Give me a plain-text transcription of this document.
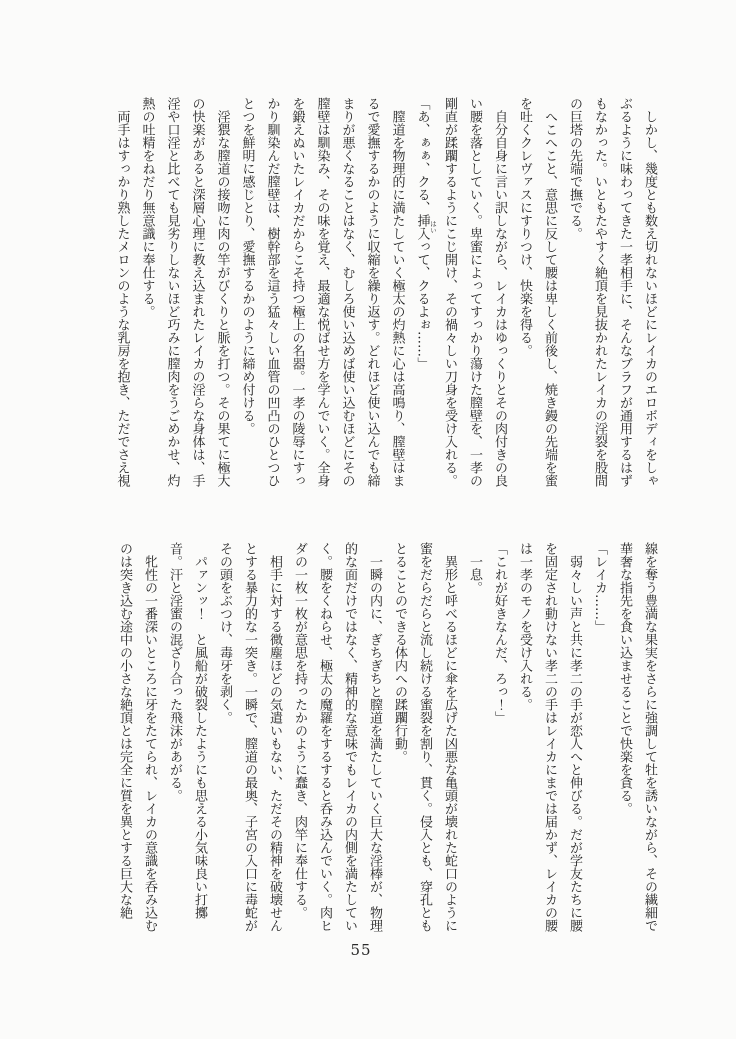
しかし、幾度とも数え切れないほどにレイカのエロボディをしゃぶるように味わってきた一孝相手に、そんなブラフが通用するはずもなかった。いともたやすく絶頂を見抜かれたレイカの淫裂を股間の巨塔の先端で撫でる。

へこへこと、意思に反して腰は卑しく前後し、焼き鏝の先端を蜜を吐くクレヴァスにすりつけ、快楽を得る。

自分自身に言い訳しながら、レイカはゆっくりとその肉付きの良い腰を落としていく。卑蜜によってすっかり蕩けた膣壁を、一孝の剛直が蹂躙するようにこじ開け、その禍々しい刀身を受け入れる。

「あ、ぁぁ、クる、挿入 はいって、クるよぉ……」

膣道を物理的に満たしていく極太の灼熱に心は高鳴り、膣壁はまるで愛撫するかのように収縮を繰り返す。どれほど使い込んでも締まりが悪くなることはなく、むしろ使い込めば使い込むほどにその膣壁は馴染み、その味を覚え、最適な悦ばせ方を学んでいく。全身を鍛えぬいたレイカだからこそ持つ極上の名器。一孝の陵辱にすっかり馴染んだ膣壁は、樹幹部を這う猛々しい血管の凹凸のひとつひとつを鮮明に感じとり、愛撫するかのように締め付ける。

淫猥な膣道の接吻に肉の竿がびくりと脈を打つ。その果てに極大の快楽があると深層心理に教え込まれたレイカの淫らな身体は、手淫や口淫と比べても見劣りしないほど巧みに膣肉をうごめかせ、灼熱の吐精をねだり無意識に奉仕する。

両手はすっかり熟したメロンのような乳房を抱き、ただでさえ視

線を奪う豊満な果実をさらに強調して牡を誘いながら、その繊細で華奢な指先を食い込ませることで快楽を貪る。

「レイカ……」

弱々しい声と共に孝二の手が恋人へと伸びる。だが学友たちに腰を固定され動けない孝二の手はレイカにまでは届かず、レイカの腰は一孝のモノを受け入れる。

「これが好きなんだ、ろっ！」

一息。

異形と呼べるほどに傘を広げた凶悪な亀頭が壊れた蛇口のように蜜をだらだらと流し続ける蜜裂を割り、貫く。侵入とも、穿孔ともとることのできる体内への蹂躙行動。

一瞬の内に、ぎちぎちと膣道を満たしていく巨大な淫棒が、物理的な面だけではなく、精神的な意味でもレイカの内側を満たしていく。腰をくねらせ、極太の魔羅をするすると呑み込んでいく。肉ヒダの一枚一枚が意思を持ったかのように蠢き、肉竿に奉仕する。

相手に対する微塵ほどの気遣いもない、ただその精神を破壊せんとする暴力的な一突き。一瞬で、膣道の最奥、子宮の入口に毒蛇がその頭をぶつけ、毒牙を剥く。

パァンッ！　と風船が破裂したようにも思える小気味良い打擲音。汗と淫蜜の混ざり合った飛沫があがる。

牝性の一番深いところに牙をたてられ、レイカの意識を呑み込むのは突き込む途中の小さな絶頂とは完全に質を異とする巨大な絶

55
